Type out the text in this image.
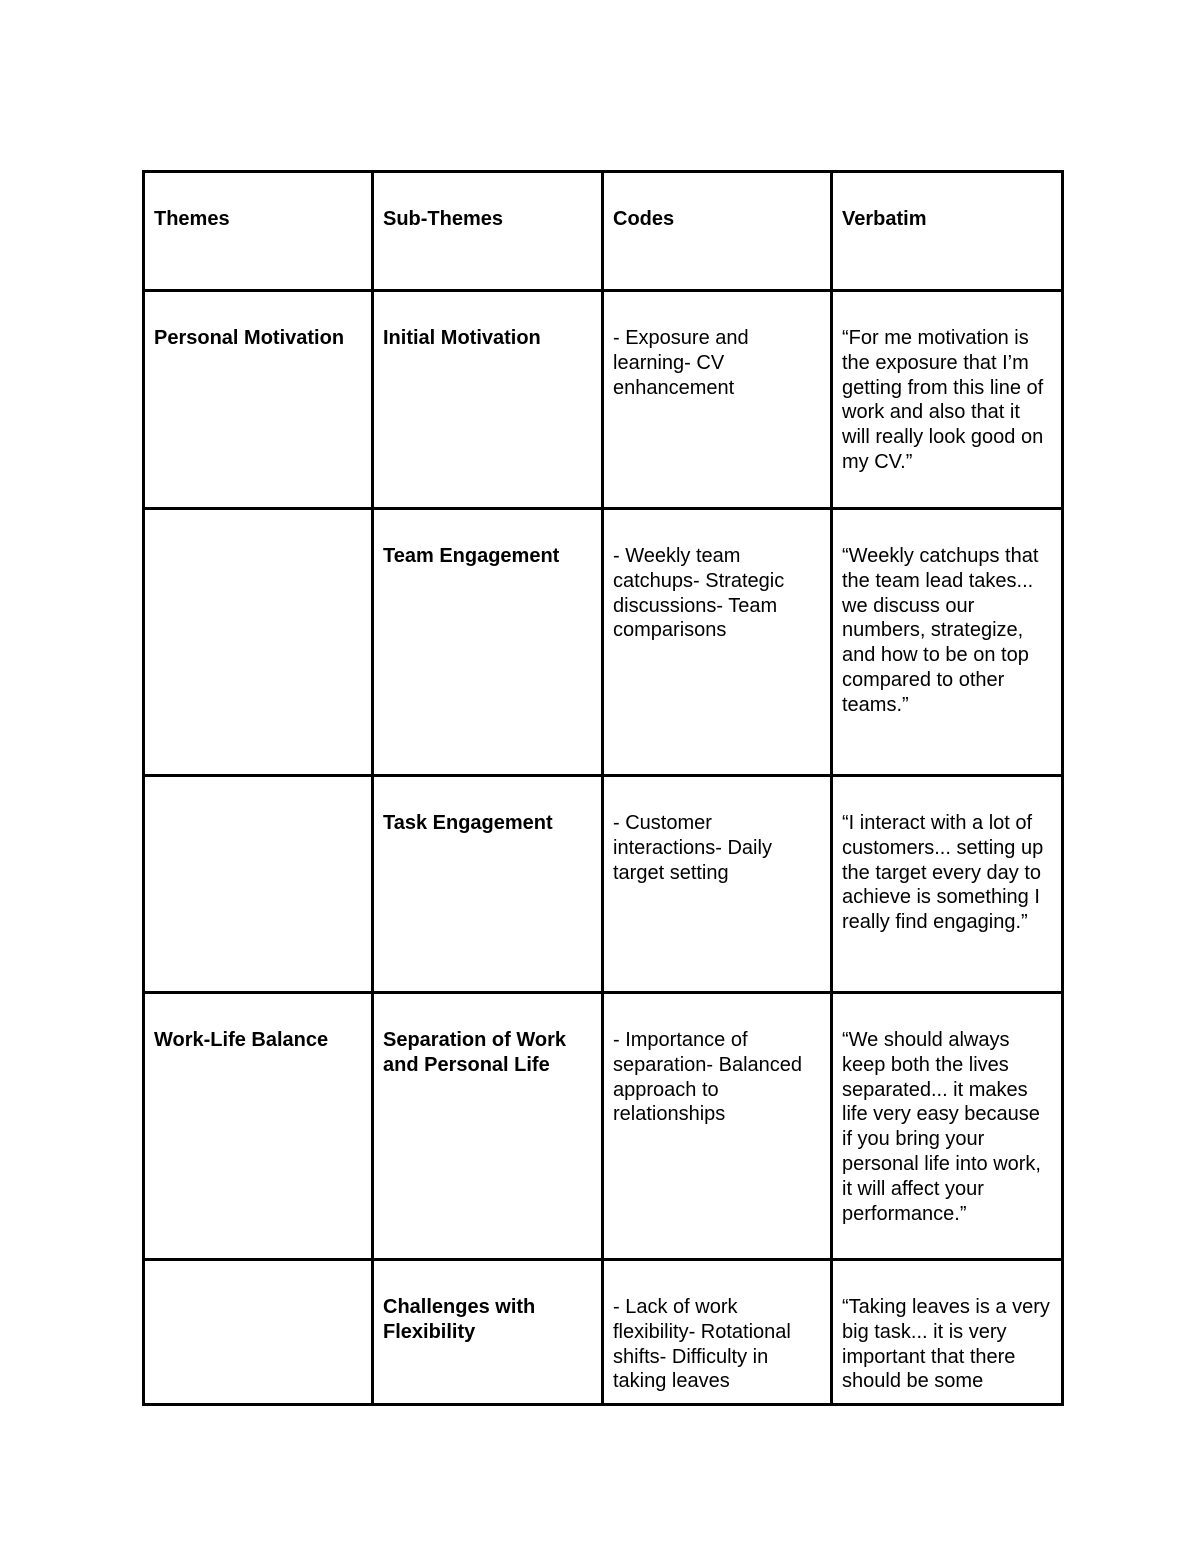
Themes	Sub-Themes	Codes	Verbatim
Personal Motivation	Initial Motivation	- Exposure and learning- CV enhancement	“For me motivation is the exposure that I’m getting from this line of work and also that it will really look good on my CV.”
	Team Engagement	- Weekly team catchups- Strategic discussions- Team comparisons	“Weekly catchups that the team lead takes... we discuss our numbers, strategize, and how to be on top compared to other teams.”
	Task Engagement	- Customer interactions- Daily target setting	“I interact with a lot of customers... setting up the target every day to achieve is something I really find engaging.”
Work-Life Balance	Separation of Work and Personal Life	- Importance of separation- Balanced approach to relationships	“We should always keep both the lives separated... it makes life very easy because if you bring your personal life into work, it will affect your performance.”
	Challenges with Flexibility	- Lack of work flexibility- Rotational shifts- Difficulty in taking leaves	“Taking leaves is a very big task... it is very important that there should be some
